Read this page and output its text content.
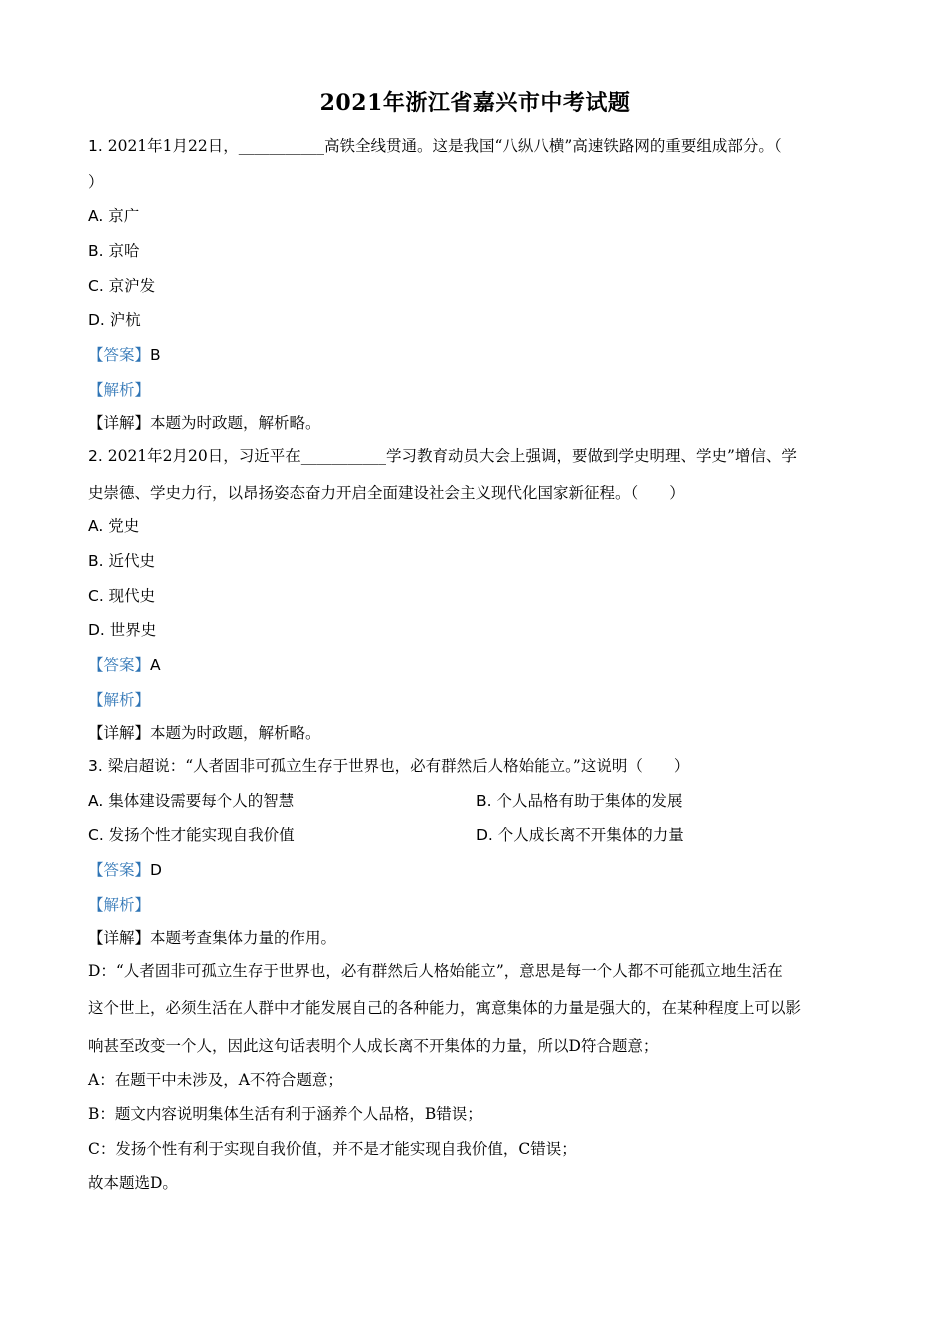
2021年浙江省嘉兴市中考试题
1. 2021年1月22日，___________高铁全线贯通。这是我国“八纵八横”高速铁路网的重要组成部分。（
）
A. 京广
B. 京哈
C. 京沪发
D. 沪杭
【答案】B
【解析】
【详解】本题为时政题，解析略。
2. 2021年2月20日，习近平在___________学习教育动员大会上强调，要做到学史明理、学史”增信、学
史崇德、学史力行，以昂扬姿态奋力开启全面建设社会主义现代化国家新征程。（　　）
A. 党史
B. 近代史
C. 现代史
D. 世界史
【答案】A
【解析】
【详解】本题为时政题，解析略。
3. 梁启超说：“人者固非可孤立生存于世界也，必有群然后人格始能立。”这说明（　　）
A. 集体建设需要每个人的智慧	B. 个人品格有助于集体的发展
C. 发扬个性才能实现自我价值	D. 个人成长离不开集体的力量
【答案】D
【解析】
【详解】本题考查集体力量的作用。
D：“人者固非可孤立生存于世界也，必有群然后人格始能立”，意思是每一个人都不可能孤立地生活在
这个世上，必须生活在人群中才能发展自己的各种能力，寓意集体的力量是强大的，在某种程度上可以影
响甚至改变一个人，因此这句话表明个人成长离不开集体的力量，所以D符合题意；
A：在题干中未涉及，A不符合题意；
B：题文内容说明集体生活有利于涵养个人品格，B错误；
C：发扬个性有利于实现自我价值，并不是才能实现自我价值，C错误；
故本题选D。
